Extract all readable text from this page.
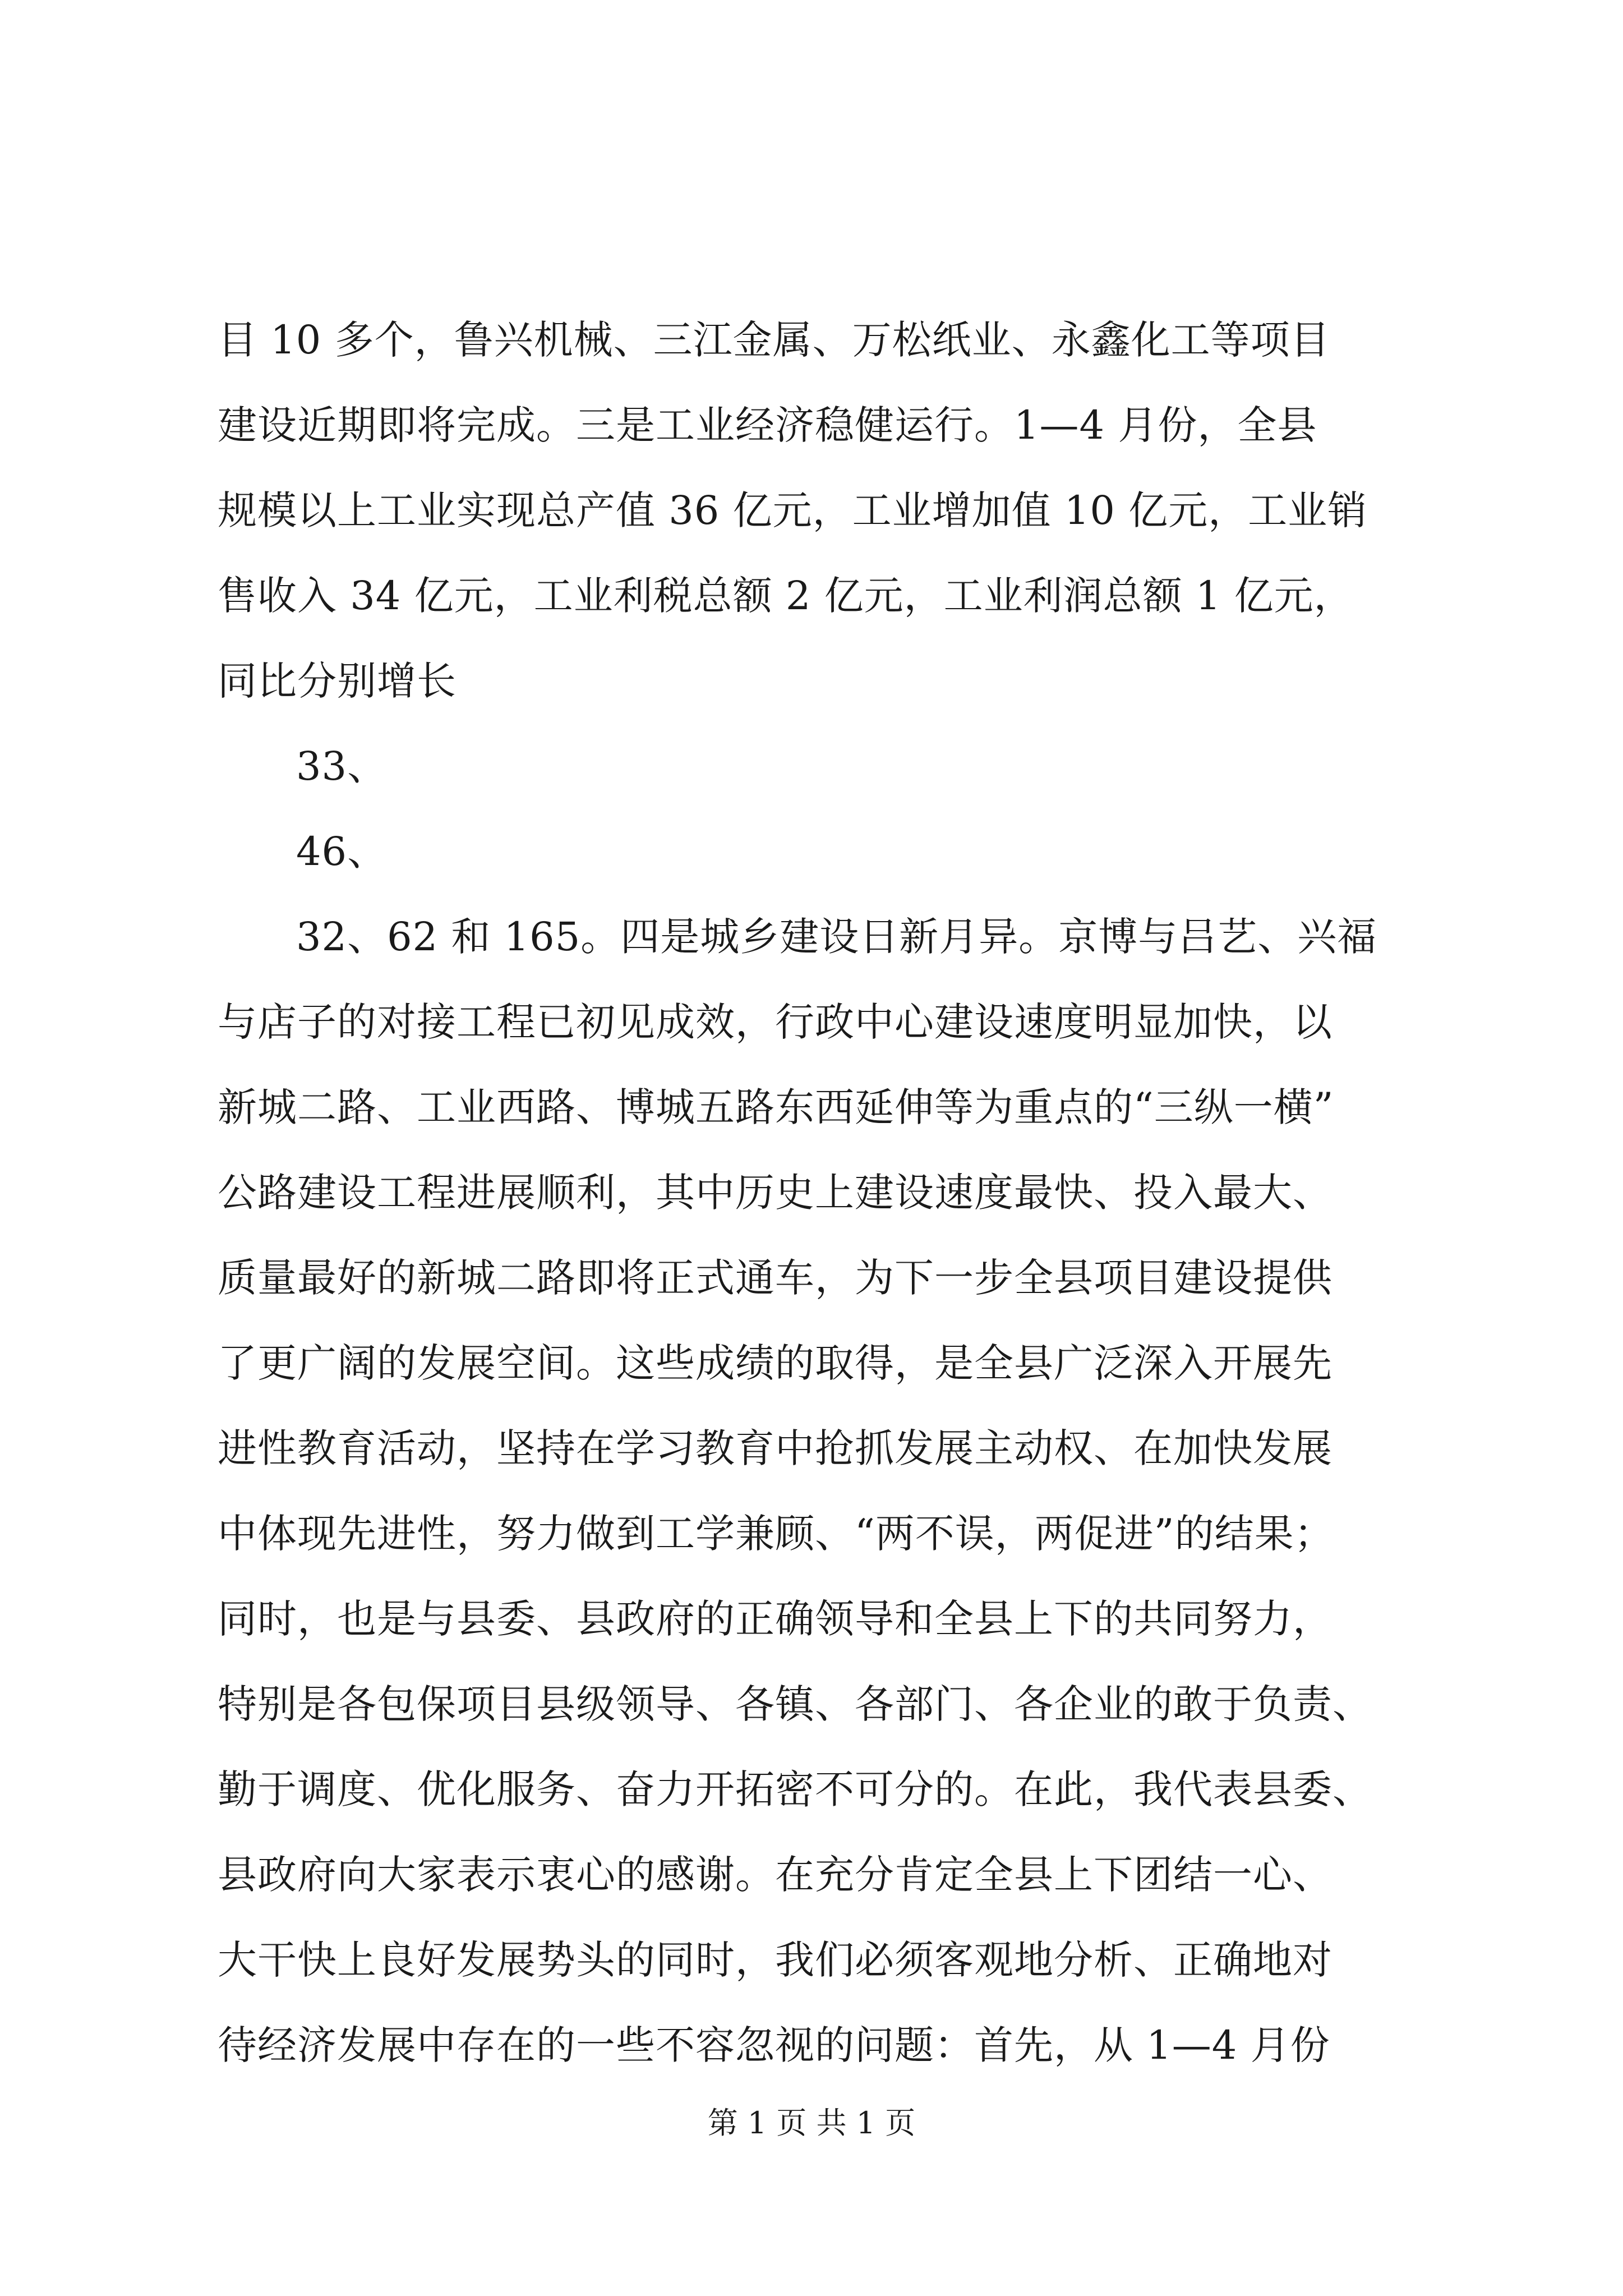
目 10 多个，鲁兴机械、三江金属、万松纸业、永鑫化工等项目
建设近期即将完成。三是工业经济稳健运行。1—4 月份，全县
规模以上工业实现总产值 36 亿元，工业增加值 10 亿元，工业销
售收入 34 亿元，工业利税总额 2 亿元，工业利润总额 1 亿元，
同比分别增长
33、
46、
32、62 和 165。四是城乡建设日新月异。京博与吕艺、兴福
与店子的对接工程已初见成效，行政中心建设速度明显加快，以
新城二路、工业西路、博城五路东西延伸等为重点的“三纵一横”
公路建设工程进展顺利，其中历史上建设速度最快、投入最大、
质量最好的新城二路即将正式通车，为下一步全县项目建设提供
了更广阔的发展空间。这些成绩的取得，是全县广泛深入开展先
进性教育活动，坚持在学习教育中抢抓发展主动权、在加快发展
中体现先进性，努力做到工学兼顾、“两不误，两促进”的结果；
同时，也是与县委、县政府的正确领导和全县上下的共同努力，
特别是各包保项目县级领导、各镇、各部门、各企业的敢于负责、
勤于调度、优化服务、奋力开拓密不可分的。在此，我代表县委、
县政府向大家表示衷心的感谢。在充分肯定全县上下团结一心、
大干快上良好发展势头的同时，我们必须客观地分析、正确地对
待经济发展中存在的一些不容忽视的问题：首先，从 1—4 月份
第 1 页 共 1 页
